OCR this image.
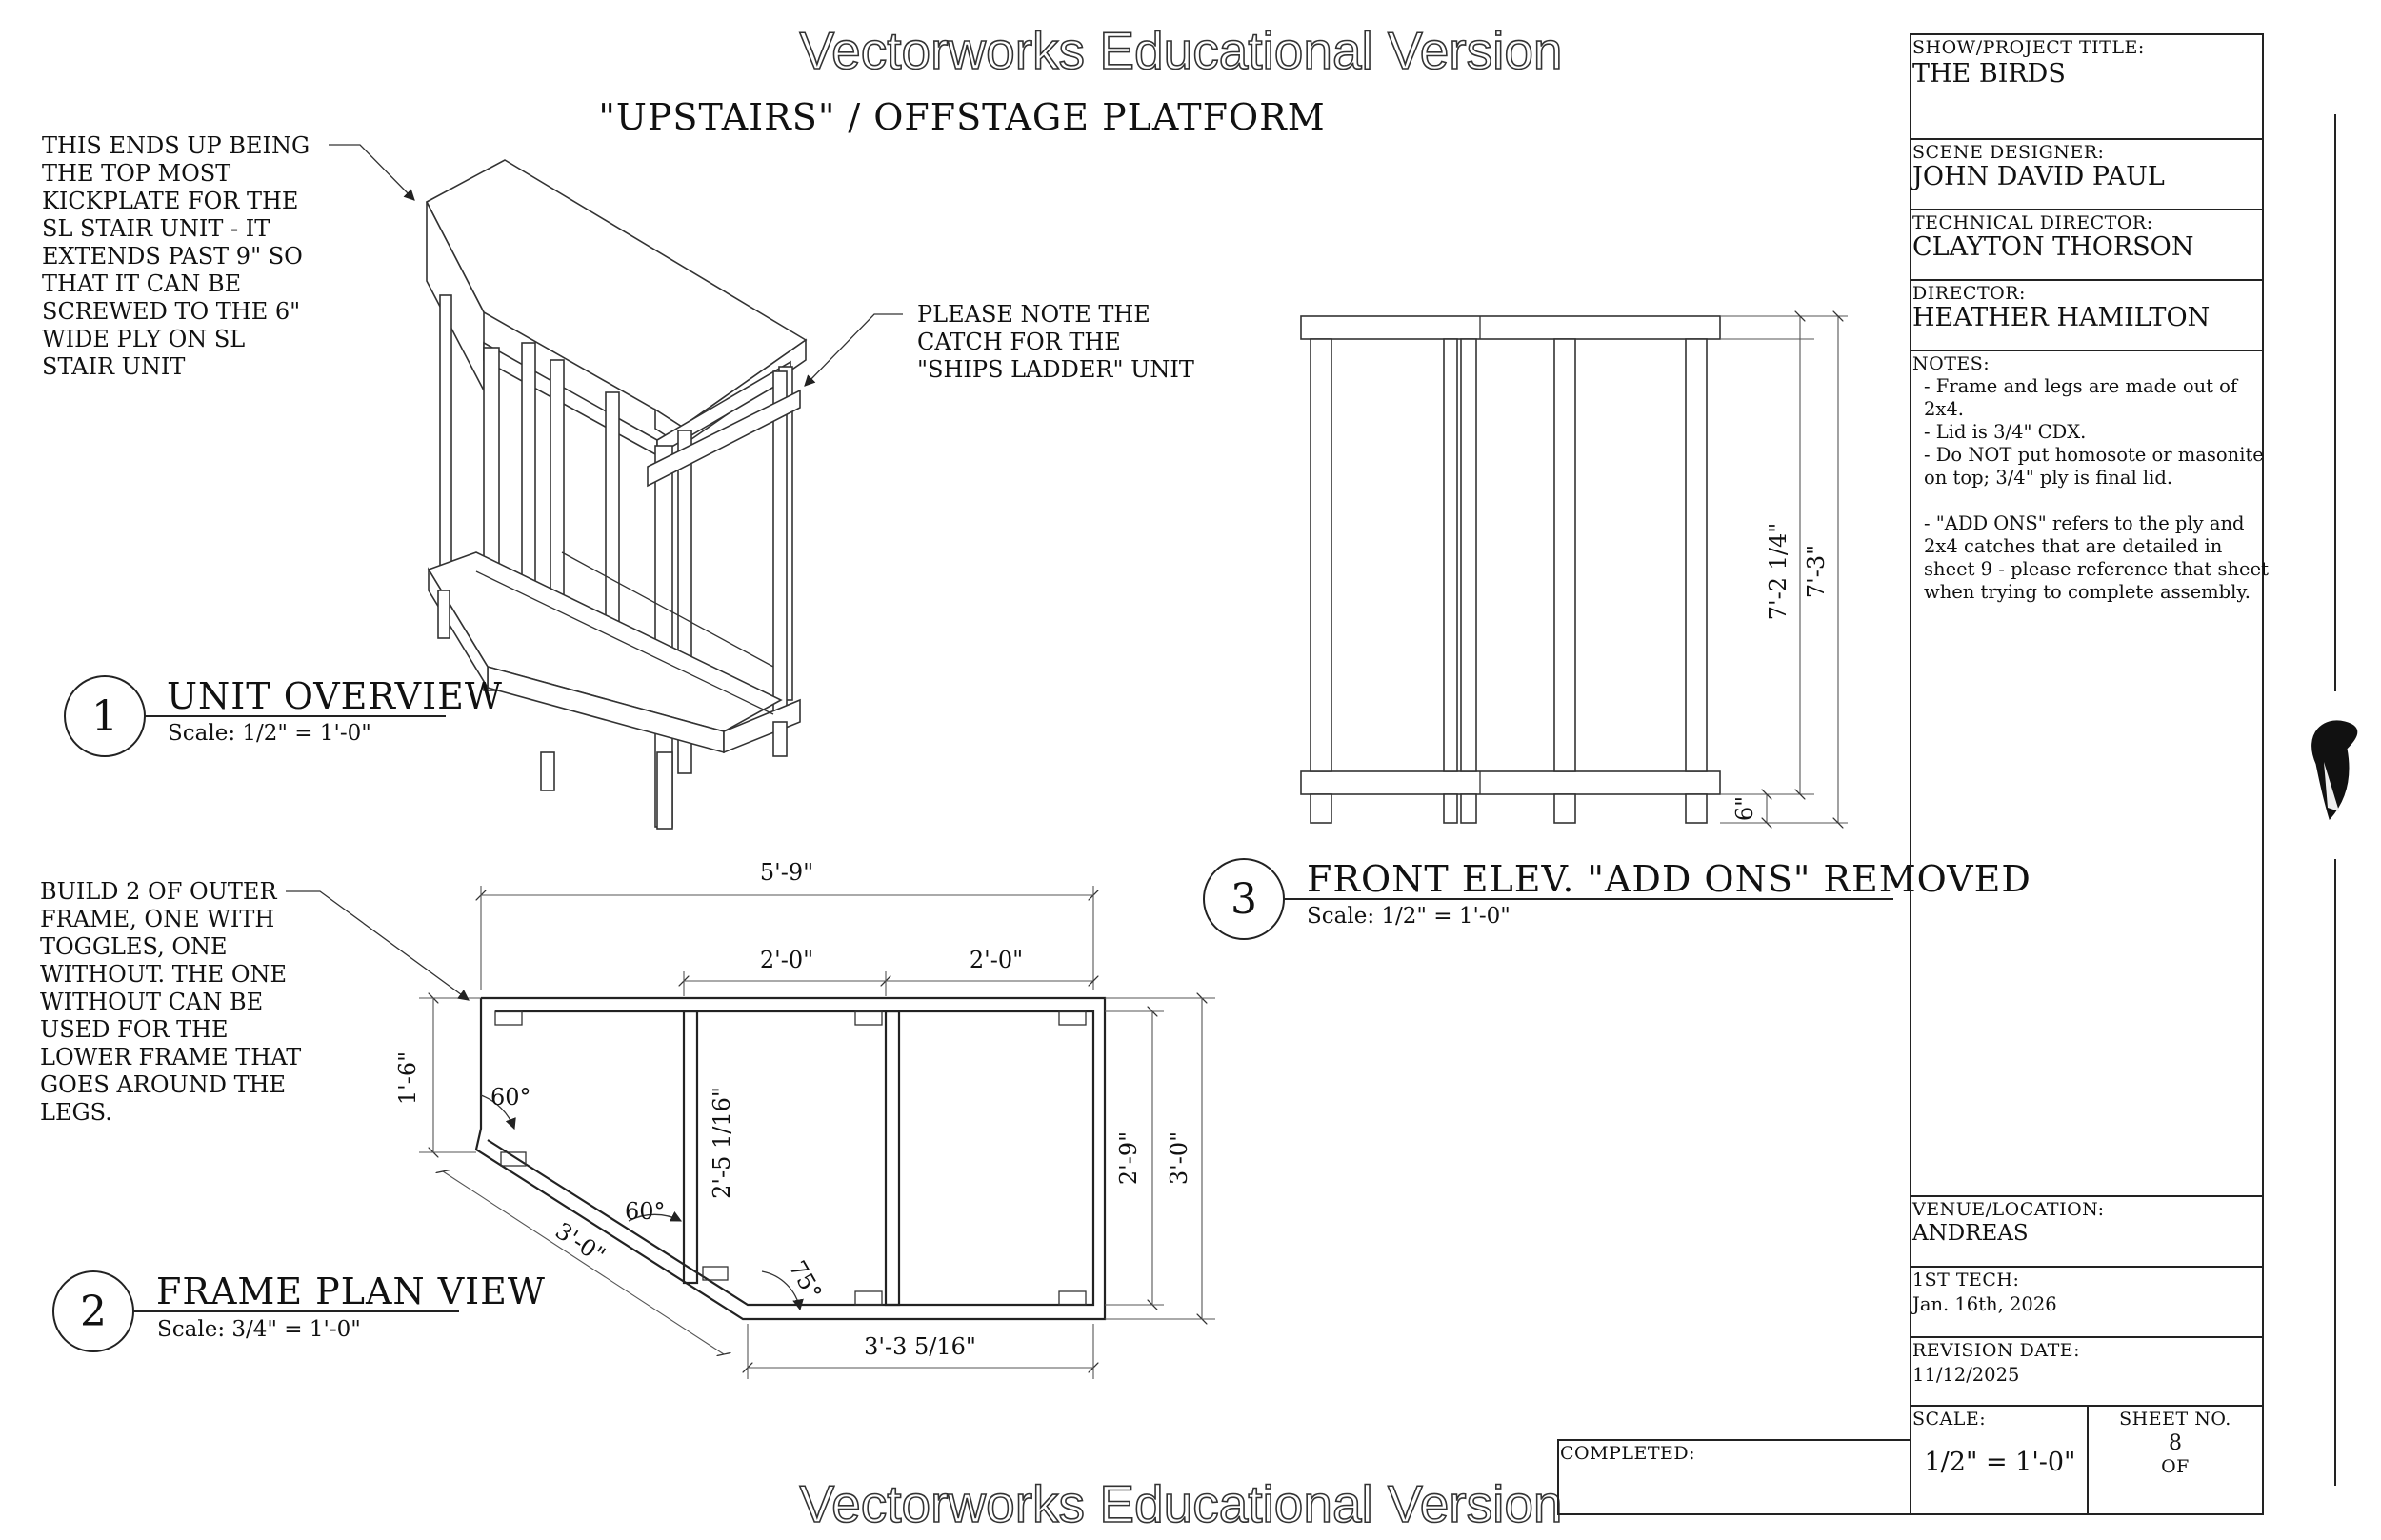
Vectorworks Educational Version
Vectorworks Educational Version
"UPSTAIRS" / OFFSTAGE PLATFORM
THIS ENDS UP BEING
THE TOP MOST
KICKPLATE FOR THE
SL STAIR UNIT - IT
EXTENDS PAST 9" SO
THAT IT CAN BE
SCREWED TO THE 6"
WIDE PLY ON SL
STAIR UNIT
PLEASE NOTE THE
CATCH FOR THE
"SHIPS LADDER" UNIT
1 UNIT OVERVIEW
Scale: 1/2" = 1'-0"
5'-9"
2'-0"	2'-0"
1'-6"	60°
60°
75°
3'-0"
2'-5 1/16"	2'-9" 3'-0"
3'-3 5/16"
BUILD 2 OF OUTER
FRAME, ONE WITH
TOGGLES, ONE
WITHOUT. THE ONE
WITHOUT CAN BE
USED FOR THE
LOWER FRAME THAT
GOES AROUND THE
LEGS.
2 FRAME PLAN VIEW
Scale: 3/4" = 1'-0"
7'-2 1/4" 7'-3"
6"
3 FRONT ELEV. "ADD ONS" REMOVED
Scale: 1/2" = 1'-0"
SHOW/PROJECT TITLE:
THE BIRDS
SCENE DESIGNER:
JOHN DAVID PAUL
TECHNICAL DIRECTOR:
CLAYTON THORSON
DIRECTOR:
HEATHER HAMILTON
NOTES:
- Frame and legs are made out of
2x4.
- Lid is 3/4" CDX.
- Do NOT put homosote or masonite
on top; 3/4" ply is final lid.
- "ADD ONS" refers to the ply and
2x4 catches that are detailed in
sheet 9 - please reference that sheet
when trying to complete assembly.
VENUE/LOCATION:
ANDREAS
1ST TECH:
Jan. 16th, 2026
REVISION DATE:
11/12/2025
SCALE:
1/2" = 1'-0"
SHEET NO.
8
OF
COMPLETED:
